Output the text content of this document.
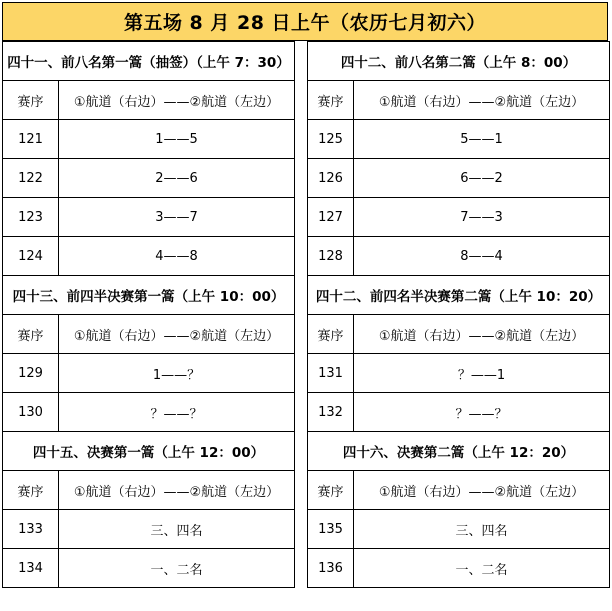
第五场 8 月 28 日上午（农历七月初六）
四十一、前八名第一篙（抽签）（上午 7：30）	
赛序	①航道（右边）——②航道（左边）
121	1——5
122	2——6
123	3——7
124	4——8
四十三、前四半决赛第一篙（上午 10：00）	
赛序	①航道（右边）——②航道（左边）
129	1——？
130	？——？
四十五、决赛第一篙（上午 12：00）	
赛序	①航道（右边）——②航道（左边）
133	三、四名
134	一、二名
四十二、前八名第二篙（上午 8：00）	
赛序	①航道（右边）——②航道（左边）
125	5——1
126	6——2
127	7——3
128	8——4
四十二、前四名半决赛第二篙（上午 10：20）	
赛序	①航道（右边）——②航道（左边）
131	？——1
132	？——？
四十六、决赛第二篙（上午 12：20）	
赛序	①航道（右边）——②航道（左边）
135	三、四名
136	一、二名
